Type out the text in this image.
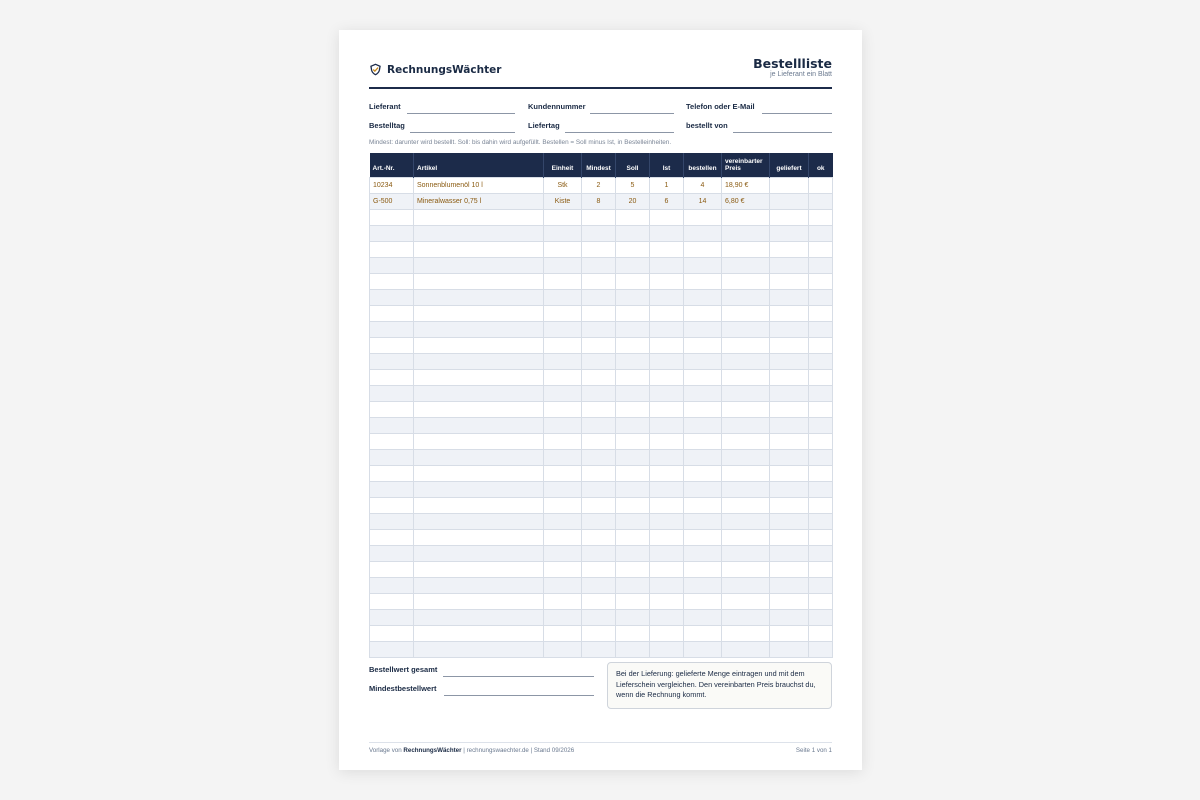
RechnungsWächter	Bestellliste
je Lieferant ein Blatt
Lieferant	Kundennummer	Telefon oder E-Mail
Bestelltag	Liefertag	bestellt von
Mindest: darunter wird bestellt. Soll: bis dahin wird aufgefüllt. Bestellen = Soll minus Ist, in Bestelleinheiten.
Art.-Nr.	Artikel	Einheit	Mindest	Soll	Ist	bestellen	vereinbarter Preis	geliefert	ok
10234	Sonnenblumenöl 10 l	Stk	2	5	1	4	18,90 €		
G-500	Mineralwasser 0,75 l	Kiste	8	20	6	14	6,80 €		

Bestellwert gesamt
Mindestbestellwert
Bei der Lieferung: gelieferte Menge eintragen und mit dem Lieferschein vergleichen. Den vereinbarten Preis brauchst du, wenn die Rechnung kommt.
Vorlage von RechnungsWächter | rechnungswaechter.de | Stand 09/2026	Seite 1 von 1
